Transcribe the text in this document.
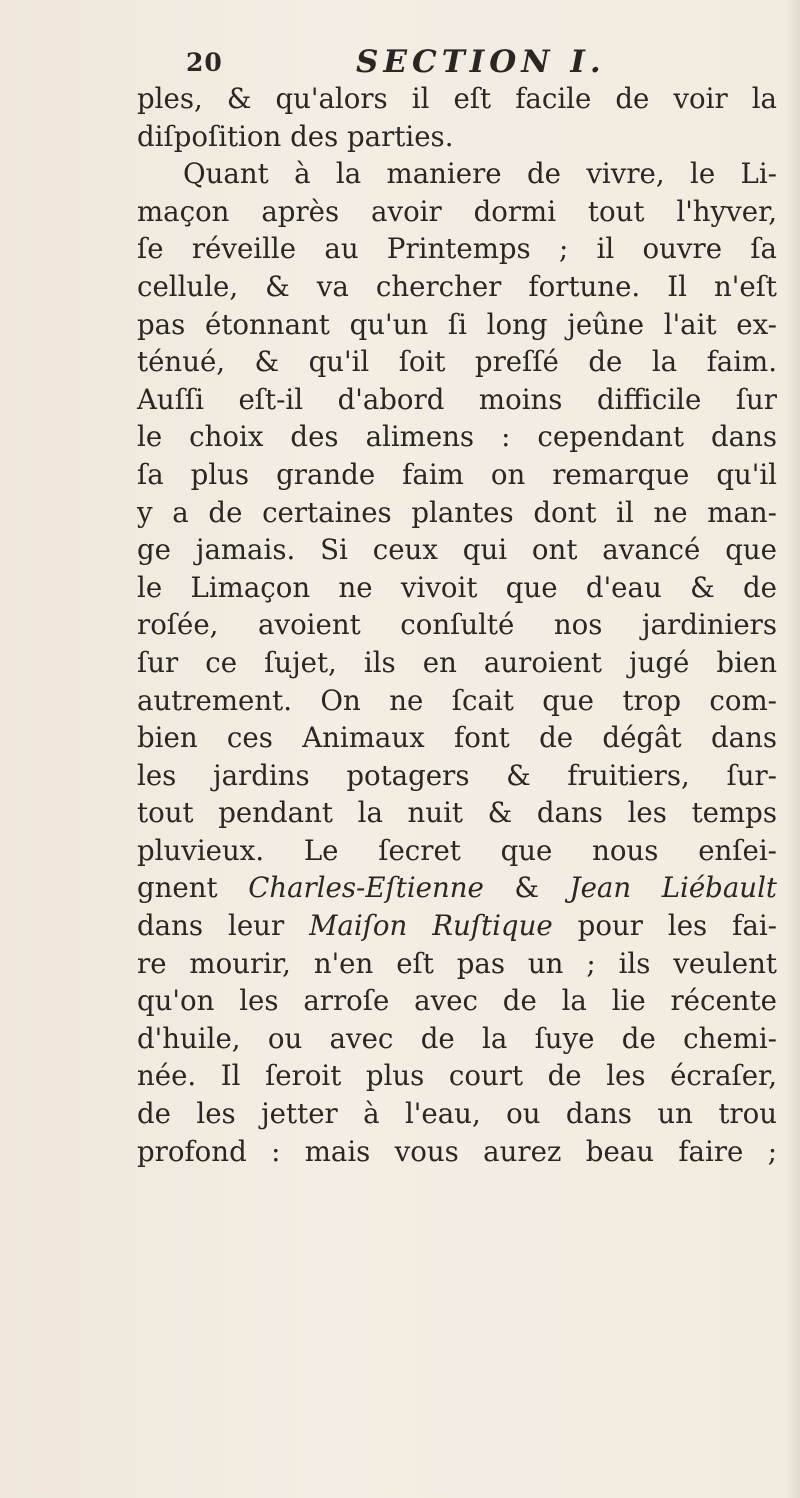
20	SECTION I.
ples, & qu'alors il eſt facile de voir la
diſpoſition des parties.
Quant à la maniere de vivre, le Li-
maçon après avoir dormi tout l'hyver,
ſe réveille au Printemps ; il ouvre ſa
cellule, & va chercher fortune. Il n'eſt
pas étonnant qu'un ſi long jeûne l'ait ex-
ténué, & qu'il ſoit preſſé de la faim.
Auſſi eſt-il d'abord moins difficile ſur
le choix des alimens : cependant dans
ſa plus grande faim on remarque qu'il
y a de certaines plantes dont il ne man-
ge jamais. Si ceux qui ont avancé que
le Limaçon ne vivoit que d'eau & de
roſée, avoient conſulté nos jardiniers
ſur ce ſujet, ils en auroient jugé bien
autrement. On ne ſcait que trop com-
bien ces Animaux font de dégât dans
les jardins potagers & fruitiers, ſur-
tout pendant la nuit & dans les temps
pluvieux. Le ſecret que nous enſei-
gnent Charles-Eſtienne & Jean Liébault
dans leur Maiſon Ruſtique pour les fai-
re mourir, n'en eſt pas un ; ils veulent
qu'on les arroſe avec de la lie récente
d'huile, ou avec de la ſuye de chemi-
née. Il ſeroit plus court de les écraſer,
de les jetter à l'eau, ou dans un trou
profond : mais vous aurez beau faire ;
